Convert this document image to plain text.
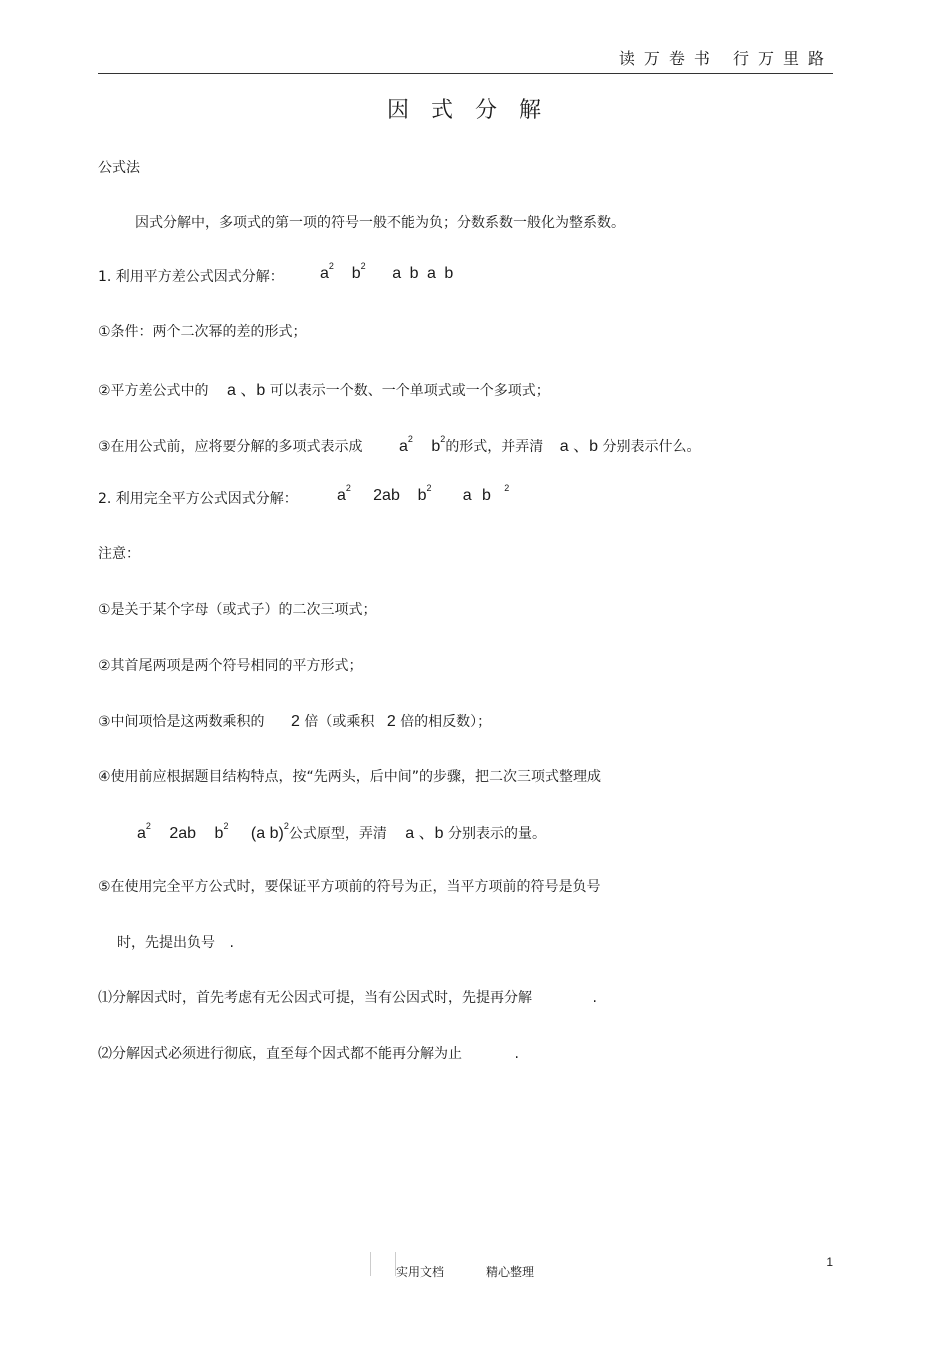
读万卷书 行万里路
因式分解
公式法
因式分解中，多项式的第一项的符号一般不能为负；分数系数一般化为整系数。
1. 利用平方差公式因式分解： $a^2$ $b^2$ a b a b
①条件：两个二次幂的差的形式；
②平方差公式中的 a 、b 可以表示一个数、一个单项式或一个多项式；
③在用公式前，应将要分解的多项式表示成 $a^2$ $b^2$的形式，并弄清 a 、b 分别表示什么。
2. 利用完全平方公式因式分解： $a^2$ 2ab $b^2$ a b $^2$
注意：
①是关于某个字母（或式子）的二次三项式；
②其首尾两项是两个符号相同的平方形式；
③中间项恰是这两数乘积的 2 倍（或乘积 2 倍的相反数）；
④使用前应根据题目结构特点，按“先两头，后中间”的步骤，把二次三项式整理成
$a^2$ 2ab $b^2$ (a b)$^2$公式原型，弄清 a 、b 分别表示的量。
⑤在使用完全平方公式时，要保证平方项前的符号为正，当平方项前的符号是负号
时，先提出负号 .
⑴分解因式时，首先考虑有无公因式可提，当有公因式时，先提再分解	.
⑵分解因式必须进行彻底，直至每个因式都不能再分解为止	.
实用文档	精心整理
1
